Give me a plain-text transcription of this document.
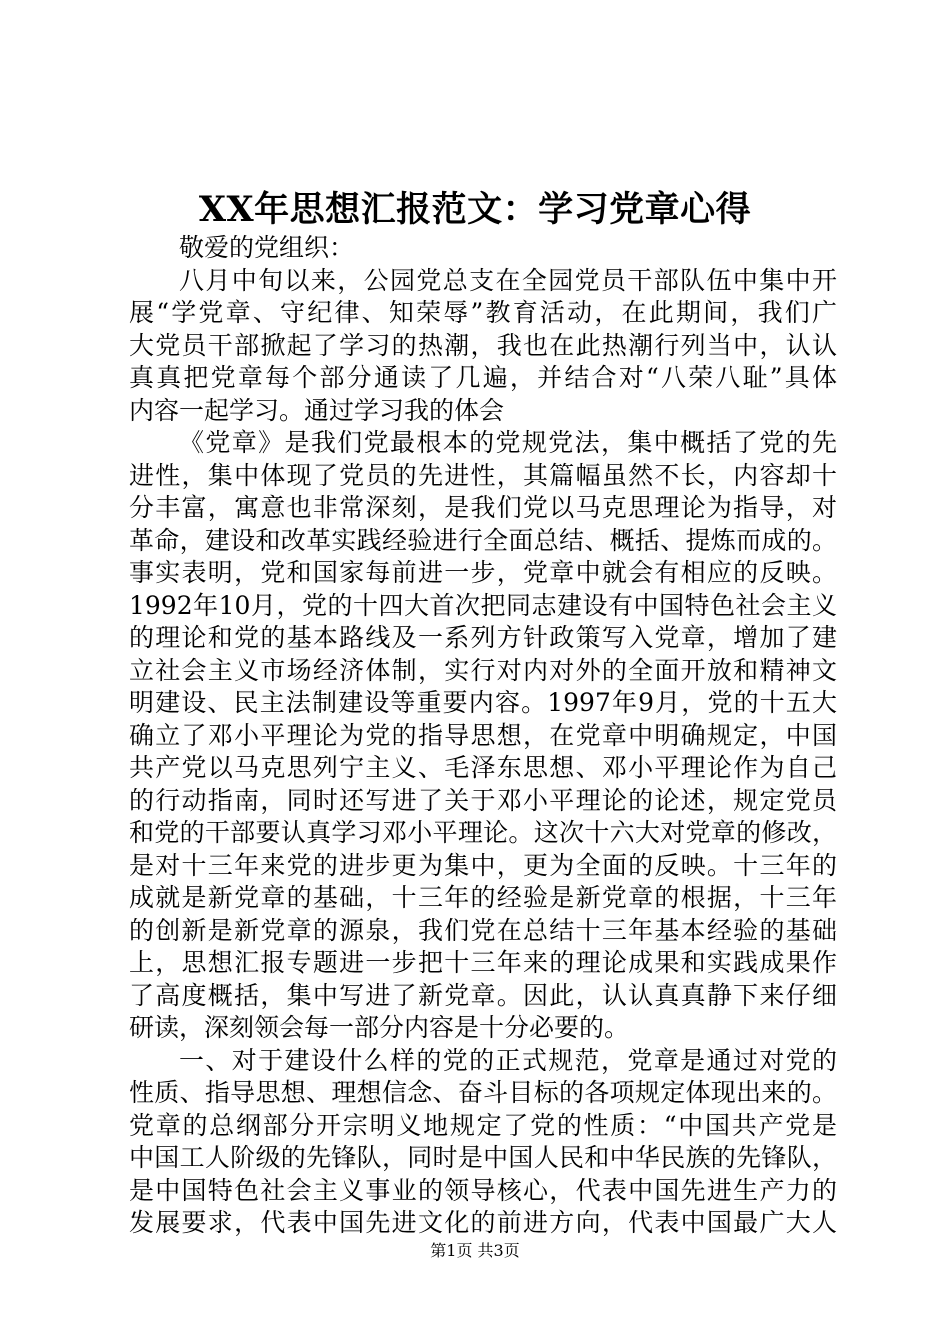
XX年思想汇报范文：学习党章心得
敬爱的党组织：
八月中旬以来，公园党总支在全园党员干部队伍中集中开
展“学党章、守纪律、知荣辱”教育活动，在此期间，我们广
大党员干部掀起了学习的热潮，我也在此热潮行列当中，认认
真真把党章每个部分通读了几遍，并结合对“八荣八耻”具体
内容一起学习。通过学习我的体会
《党章》是我们党最根本的党规党法，集中概括了党的先
进性，集中体现了党员的先进性，其篇幅虽然不长，内容却十
分丰富，寓意也非常深刻，是我们党以马克思理论为指导，对
革命，建设和改革实践经验进行全面总结、概括、提炼而成的。
事实表明，党和国家每前进一步，党章中就会有相应的反映。
1992年10月，党的十四大首次把同志建设有中国特色社会主义
的理论和党的基本路线及一系列方针政策写入党章，增加了建
立社会主义市场经济体制，实行对内对外的全面开放和精神文
明建设、民主法制建设等重要内容。1997年9月，党的十五大
确立了邓小平理论为党的指导思想，在党章中明确规定，中国
共产党以马克思列宁主义、毛泽东思想、邓小平理论作为自己
的行动指南，同时还写进了关于邓小平理论的论述，规定党员
和党的干部要认真学习邓小平理论。这次十六大对党章的修改，
是对十三年来党的进步更为集中，更为全面的反映。十三年的
成就是新党章的基础，十三年的经验是新党章的根据，十三年
的创新是新党章的源泉，我们党在总结十三年基本经验的基础
上，思想汇报专题进一步把十三年来的理论成果和实践成果作
了高度概括，集中写进了新党章。因此，认认真真静下来仔细
研读，深刻领会每一部分内容是十分必要的。
一、对于建设什么样的党的正式规范，党章是通过对党的
性质、指导思想、理想信念、奋斗目标的各项规定体现出来的。
党章的总纲部分开宗明义地规定了党的性质：“中国共产党是
中国工人阶级的先锋队，同时是中国人民和中华民族的先锋队，
是中国特色社会主义事业的领导核心，代表中国先进生产力的
发展要求，代表中国先进文化的前进方向，代表中国最广大人
第1页 共3页
